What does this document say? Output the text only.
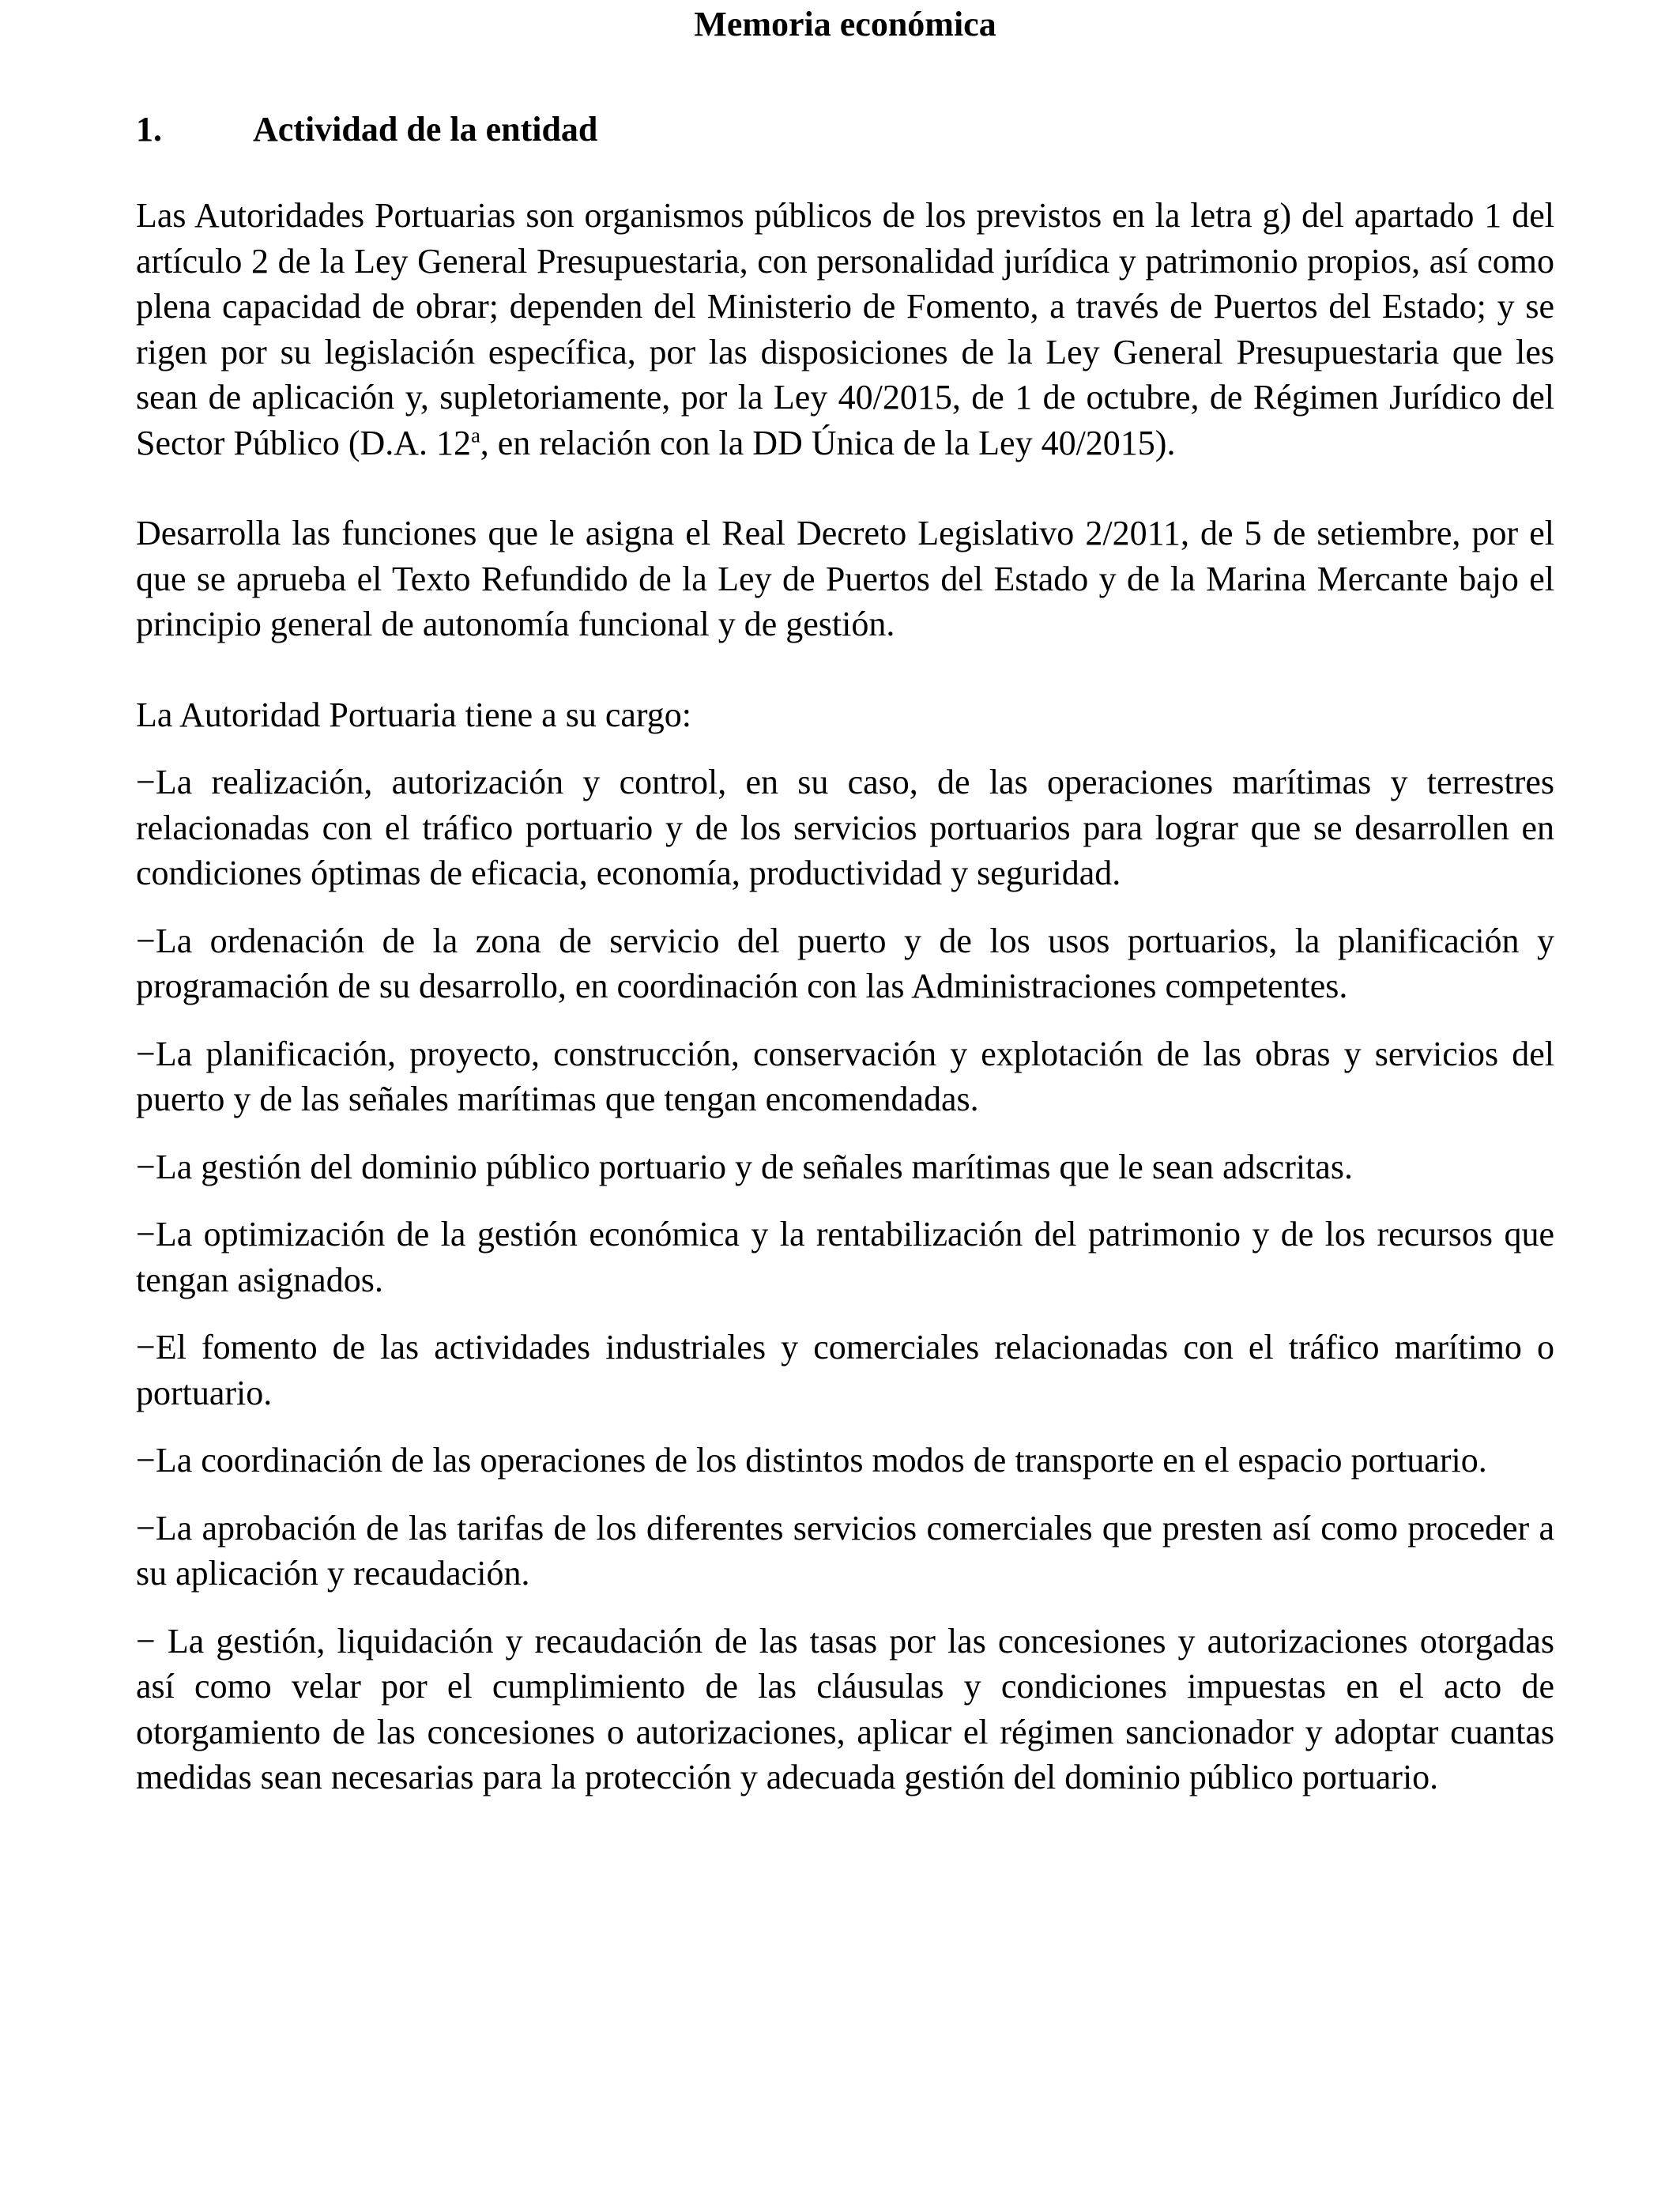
Memoria económica
1.	Actividad de la entidad

Las Autoridades Portuarias son organismos públicos de los previstos en la letra g) del apartado 1 del artículo 2 de la Ley General Presupuestaria, con personalidad jurídica y patrimonio propios, así como plena capacidad de obrar; dependen del Ministerio de Fomento, a través de Puertos del Estado; y se rigen por su legislación específica, por las disposiciones de la Ley General Presupuestaria que les sean de aplicación y, supletoriamente, por la Ley 40/2015, de 1 de octubre, de Régimen Jurídico del Sector Público (D.A. 12$^a$, en relación con la DD Única de la Ley 40/2015).

Desarrolla las funciones que le asigna el Real Decreto Legislativo 2/2011, de 5 de setiembre, por el que se aprueba el Texto Refundido de la Ley de Puertos del Estado y de la Marina Mercante bajo el principio general de autonomía funcional y de gestión.

La Autoridad Portuaria tiene a su cargo:

−La realización, autorización y control, en su caso, de las operaciones marítimas y terrestres relacionadas con el tráfico portuario y de los servicios portuarios para lograr que se desarrollen en condiciones óptimas de eficacia, economía, productividad y seguridad.

−La ordenación de la zona de servicio del puerto y de los usos portuarios, la planificación y programación de su desarrollo, en coordinación con las Administraciones competentes.

−La planificación, proyecto, construcción, conservación y explotación de las obras y servicios del puerto y de las señales marítimas que tengan encomendadas.

−La gestión del dominio público portuario y de señales marítimas que le sean adscritas.

−La optimización de la gestión económica y la rentabilización del patrimonio y de los recursos que tengan asignados.

−El fomento de las actividades industriales y comerciales relacionadas con el tráfico marítimo o portuario.

−La coordinación de las operaciones de los distintos modos de transporte en el espacio portuario.

−La aprobación de las tarifas de los diferentes servicios comerciales que presten así como proceder a su aplicación y recaudación.

− La gestión, liquidación y recaudación de las tasas por las concesiones y autorizaciones otorgadas así como velar por el cumplimiento de las cláusulas y condiciones impuestas en el acto de otorgamiento de las concesiones o autorizaciones, aplicar el régimen sancionador y adoptar cuantas medidas sean necesarias para la protección y adecuada gestión del dominio público portuario.
